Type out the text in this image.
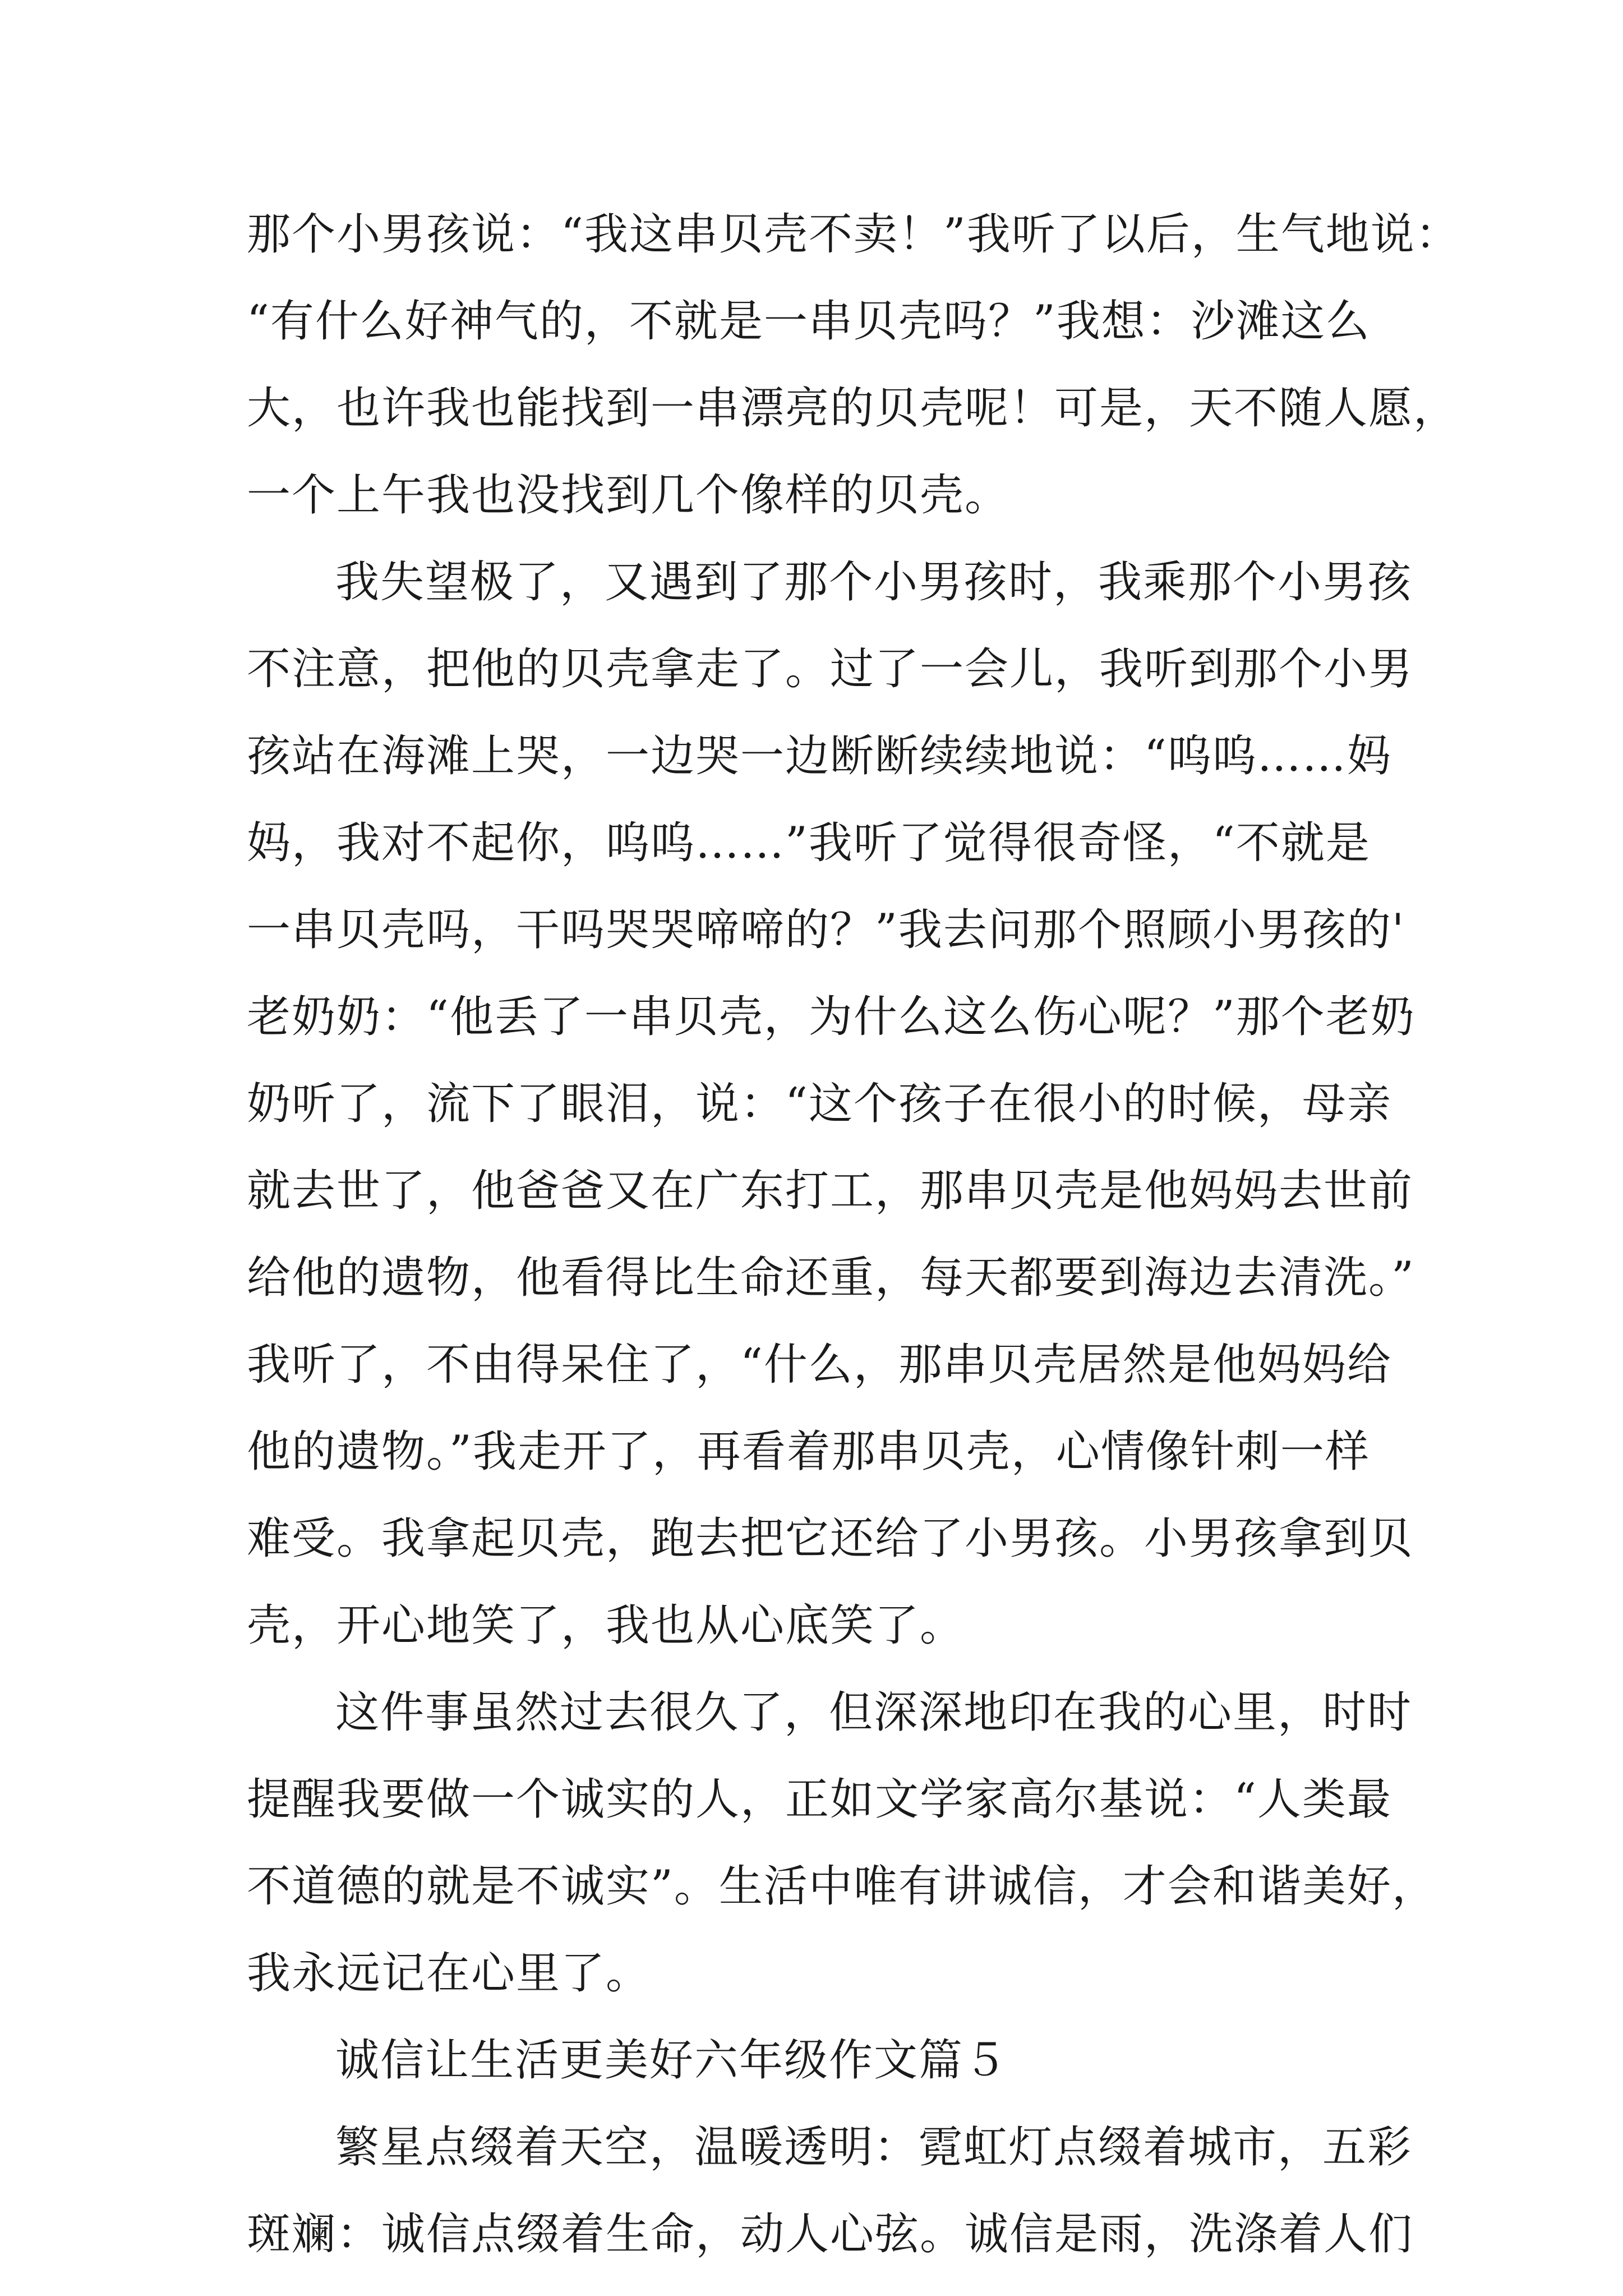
那个小男孩说：“我这串贝壳不卖！”我听了以后，生气地说：
“有什么好神气的，不就是一串贝壳吗？”我想：沙滩这么
大，也许我也能找到一串漂亮的贝壳呢！可是，天不随人愿，
一个上午我也没找到几个像样的贝壳。
我失望极了，又遇到了那个小男孩时，我乘那个小男孩
不注意，把他的贝壳拿走了。过了一会儿，我听到那个小男
孩站在海滩上哭，一边哭一边断断续续地说：“呜呜……妈
妈，我对不起你，呜呜……”我听了觉得很奇怪，“不就是
一串贝壳吗，干吗哭哭啼啼的？”我去问那个照顾小男孩的'
老奶奶：“他丢了一串贝壳，为什么这么伤心呢？”那个老奶
奶听了，流下了眼泪，说：“这个孩子在很小的时候，母亲
就去世了，他爸爸又在广东打工，那串贝壳是他妈妈去世前
给他的遗物，他看得比生命还重，每天都要到海边去清洗。”
我听了，不由得呆住了，“什么，那串贝壳居然是他妈妈给
他的遗物。”我走开了，再看着那串贝壳，心情像针刺一样
难受。我拿起贝壳，跑去把它还给了小男孩。小男孩拿到贝
壳，开心地笑了，我也从心底笑了。
这件事虽然过去很久了，但深深地印在我的心里，时时
提醒我要做一个诚实的人，正如文学家高尔基说：“人类最
不道德的就是不诚实”。生活中唯有讲诚信，才会和谐美好，
我永远记在心里了。
诚信让生活更美好六年级作文篇５
繁星点缀着天空，温暖透明：霓虹灯点缀着城市，五彩
斑斓：诚信点缀着生命，动人心弦。诚信是雨，洗涤着人们
